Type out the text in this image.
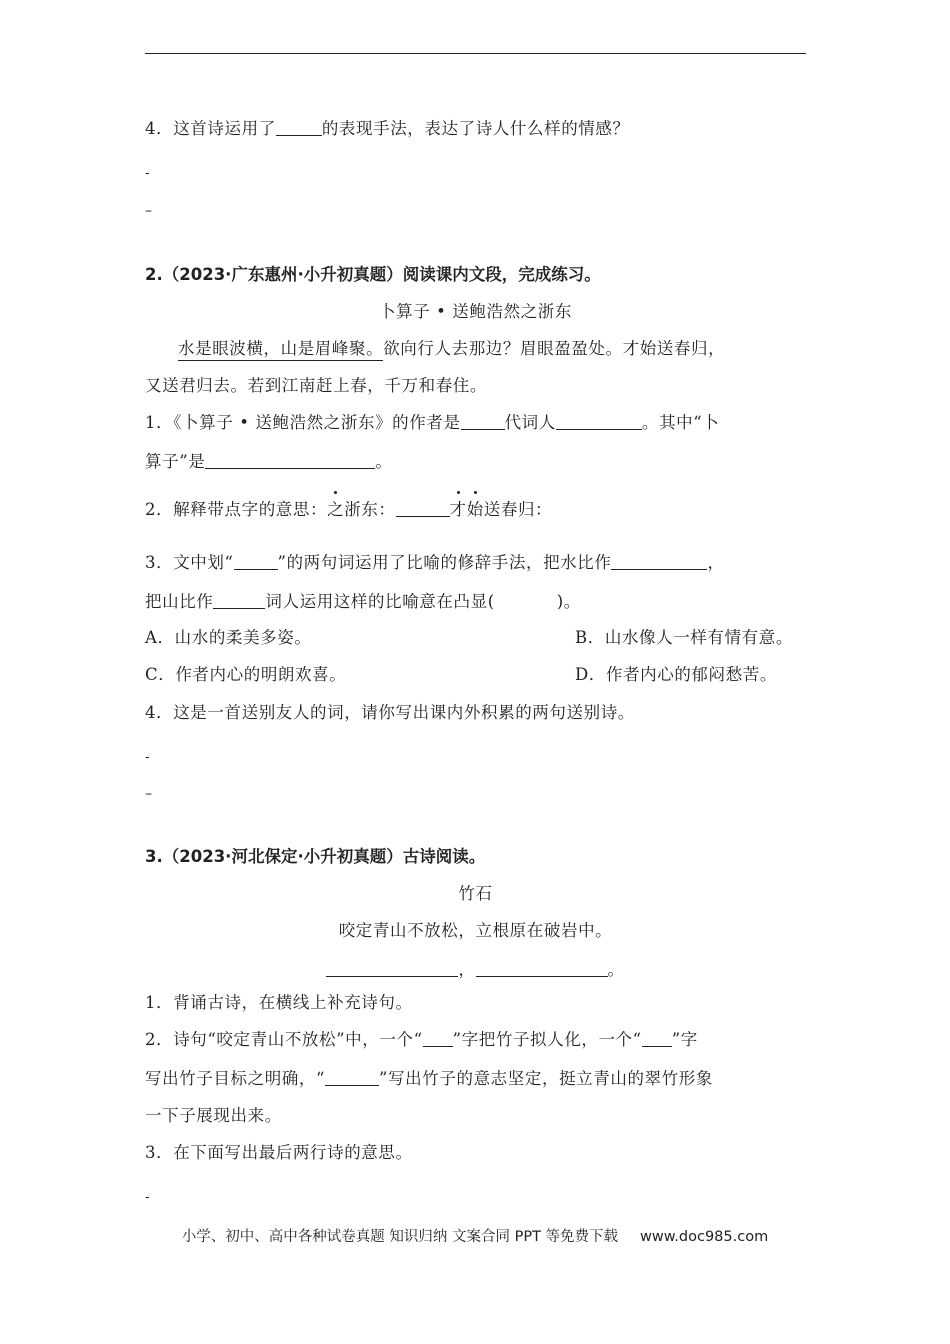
4．这首诗运用了	的表现手法，表达了诗人什么样的情感？
-
–
2.（2023·广东惠州·小升初真题）阅读课内文段，完成练习。
卜算子 • 送鲍浩然之浙东
水是眼波横，山是眉峰聚。欲向行人去那边？眉眼盈盈处。才始送春归，
又送君归去。若到江南赶上春，千万和春住。
1．《卜算子 • 送鲍浩然之浙东》的作者是	代词人	。其中“卜
算子”是	。
2．解释带点字的意思：之浙东：	才始送春归：
3．文中划“	”的两句词运用了比喻的修辞手法，把水比作	，
把山比作	词人运用这样的比喻意在凸显(	)。
A．山水的柔美多姿。	B．山水像人一样有情有意。
C．作者内心的明朗欢喜。	D．作者内心的郁闷愁苦。
4．这是一首送别友人的词，请你写出课内外积累的两句送别诗。
-
–
3.（2023·河北保定·小升初真题）古诗阅读。
竹石
咬定青山不放松，立根原在破岩中。
，	。
1．背诵古诗，在横线上补充诗句。
2．诗句“咬定青山不放松”中，一个“ ”字把竹子拟人化，一个“ ”字
写出竹子目标之明确，“	”写出竹子的意志坚定，挺立青山的翠竹形象
一下子展现出来。
3．在下面写出最后两行诗的意思。
-
小学、初中、高中各种试卷真题 知识归纳 文案合同 PPT 等免费下载 www.doc985.com
